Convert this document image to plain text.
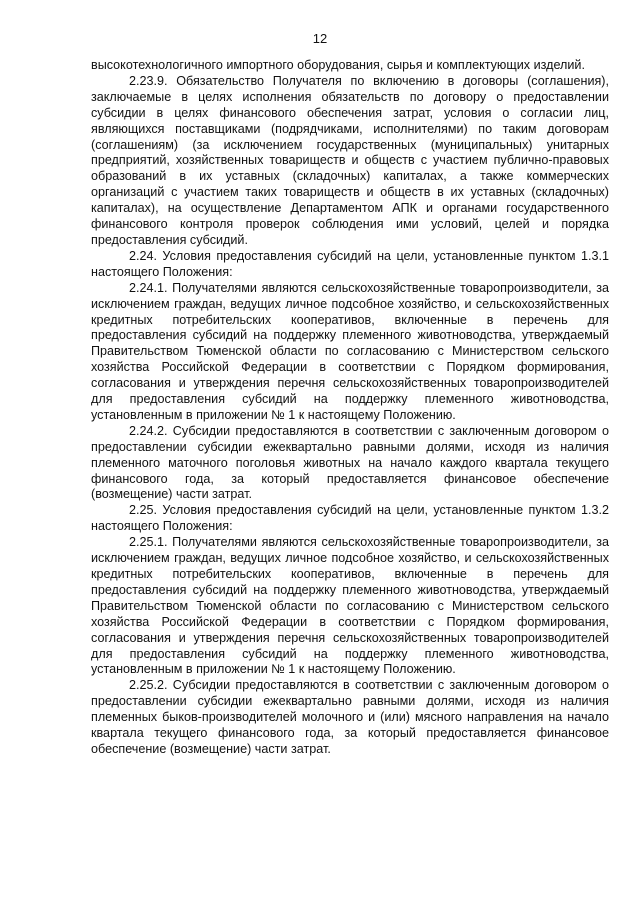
12

высокотехнологичного импортного оборудования, сырья и комплектующих изделий.

2.23.9. Обязательство Получателя по включению в договоры (соглашения), заключаемые в целях исполнения обязательств по договору о предоставлении субсидии в целях финансового обеспечения затрат, условия о согласии лиц, являющихся поставщиками (подрядчиками, исполнителями) по таким договорам (соглашениям) (за исключением государственных (муниципальных) унитарных предприятий, хозяйственных товариществ и обществ с участием публично-правовых образований в их уставных (складочных) капиталах, а также коммерческих организаций с участием таких товариществ и обществ в их уставных (складочных) капиталах), на осуществление Департаментом АПК и органами государственного финансового контроля проверок соблюдения ими условий, целей и порядка предоставления субсидий.

2.24. Условия предоставления субсидий на цели, установленные пунктом 1.3.1 настоящего Положения:

2.24.1. Получателями являются сельскохозяйственные товаропроизводители, за исключением граждан, ведущих личное подсобное хозяйство, и сельскохозяйственных кредитных потребительских кооперативов, включенные в перечень для предоставления субсидий на поддержку племенного животноводства, утверждаемый Правительством Тюменской области по согласованию с Министерством сельского хозяйства Российской Федерации в соответствии с Порядком формирования, согласования и утверждения перечня сельскохозяйственных товаропроизводителей для предоставления субсидий на поддержку племенного животноводства, установленным в приложении № 1 к настоящему Положению.

2.24.2. Субсидии предоставляются в соответствии с заключенным договором о предоставлении субсидии ежеквартально равными долями, исходя из наличия племенного маточного поголовья животных на начало каждого квартала текущего финансового года, за который предоставляется финансовое обеспечение (возмещение) части затрат.

2.25. Условия предоставления субсидий на цели, установленные пунктом 1.3.2 настоящего Положения:

2.25.1. Получателями являются сельскохозяйственные товаропроизводители, за исключением граждан, ведущих личное подсобное хозяйство, и сельскохозяйственных кредитных потребительских кооперативов, включенные в перечень для предоставления субсидий на поддержку племенного животноводства, утверждаемый Правительством Тюменской области по согласованию с Министерством сельского хозяйства Российской Федерации в соответствии с Порядком формирования, согласования и утверждения перечня сельскохозяйственных товаропроизводителей для предоставления субсидий на поддержку племенного животноводства, установленным в приложении № 1 к настоящему Положению.

2.25.2. Субсидии предоставляются в соответствии с заключенным договором о предоставлении субсидии ежеквартально равными долями, исходя из наличия племенных быков-производителей молочного и (или) мясного направления на начало квартала текущего финансового года, за который предоставляется финансовое обеспечение (возмещение) части затрат.
